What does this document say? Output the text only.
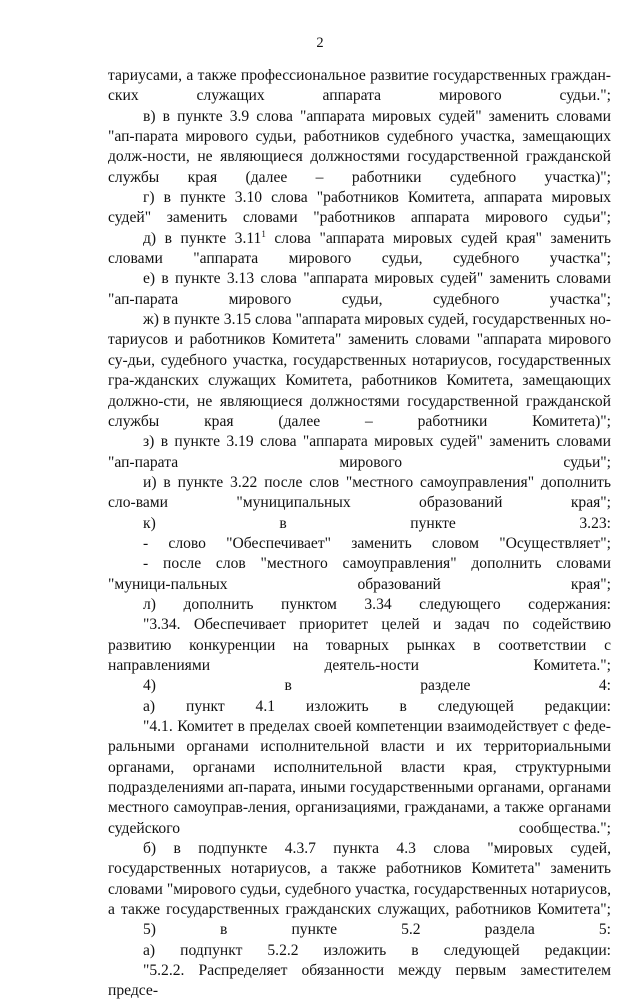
2

тариусами, а также профессиональное развитие государственных граждан-ских служащих аппарата мирового судьи.";

в) в пункте 3.9 слова "аппарата мировых судей" заменить словами "ап-парата мирового судьи, работников судебного участка, замещающих долж-ности, не являющиеся должностями государственной гражданской службы края (далее – работники судебного участка)";

г) в пункте 3.10 слова "работников Комитета, аппарата мировых судей" заменить словами "работников аппарата мирового судьи";

д) в пункте 3.11$^1$ слова "аппарата мировых судей края" заменить словами "аппарата мирового судьи, судебного участка";

е) в пункте 3.13 слова "аппарата мировых судей" заменить словами "ап-парата мирового судьи, судебного участка";

ж) в пункте 3.15 слова "аппарата мировых судей, государственных но-тариусов и работников Комитета" заменить словами "аппарата мирового су-дьи, судебного участка, государственных нотариусов, государственных гра-жданских служащих Комитета, работников Комитета, замещающих должно-сти, не являющиеся должностями государственной гражданской службы края (далее – работники Комитета)";

з) в пункте 3.19 слова "аппарата мировых судей" заменить словами "ап-парата мирового судьи";

и) в пункте 3.22 после слов "местного самоуправления" дополнить сло-вами "муниципальных образований края";

к) в пункте 3.23:

- слово "Обеспечивает" заменить словом "Осуществляет";

- после слов "местного самоуправления" дополнить словами "муници-пальных образований края";

л) дополнить пунктом 3.34 следующего содержания:

"3.34. Обеспечивает приоритет целей и задач по содействию развитию конкуренции на товарных рынках в соответствии с направлениями деятель-ности Комитета.";

4) в разделе 4:

а) пункт 4.1 изложить в следующей редакции:

"4.1. Комитет в пределах своей компетенции взаимодействует с феде-ральными органами исполнительной власти и их территориальными органами, органами исполнительной власти края, структурными подразделениями ап-парата, иными государственными органами, органами местного самоуправ-ления, организациями, гражданами, а также органами судейского сообщества.";

б) в подпункте 4.3.7 пункта 4.3 слова "мировых судей, государственных нотариусов, а также работников Комитета" заменить словами "мирового судьи, судебного участка, государственных нотариусов, а также государственных гражданских служащих, работников Комитета";

5) в пункте 5.2 раздела 5:

а) подпункт 5.2.2 изложить в следующей редакции:

"5.2.2. Распределяет обязанности между первым заместителем предсе-
